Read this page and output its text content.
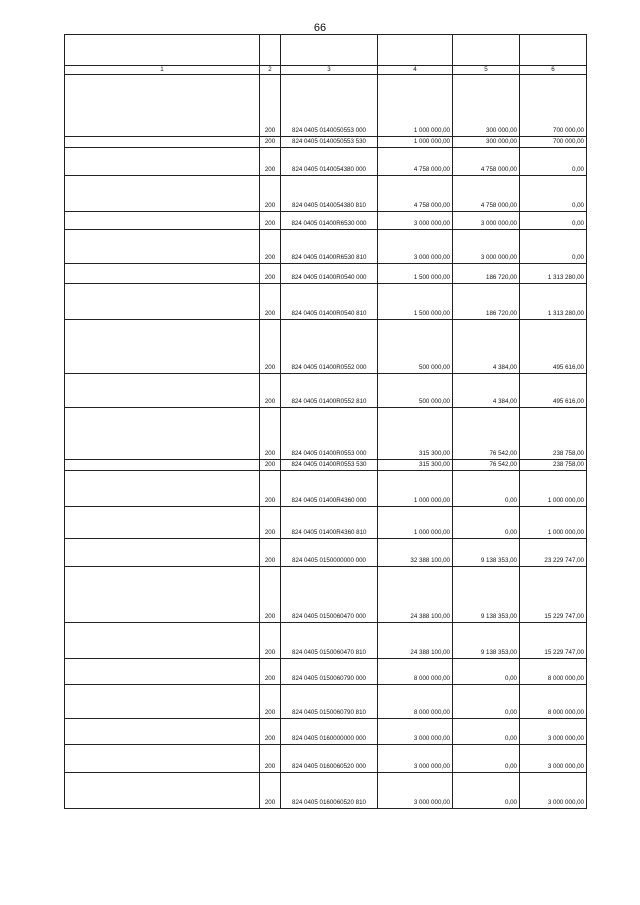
66

1	2	3	4	5	6
	200	824 0405 0140050553 000	1 000 000,00	300 000,00	700 000,00
	200	824 0405 0140050553 530	1 000 000,00	300 000,00	700 000,00
	200	824 0405 0140054380 000	4 758 000,00	4 758 000,00	0,00
	200	824 0405 0140054380 810	4 758 000,00	4 758 000,00	0,00
	200	824 0405 01400R6530 000	3 000 000,00	3 000 000,00	0,00
	200	824 0405 01400R6530 810	3 000 000,00	3 000 000,00	0,00
	200	824 0405 01400R0540 000	1 500 000,00	186 720,00	1 313 280,00
	200	824 0405 01400R0540 810	1 500 000,00	186 720,00	1 313 280,00
	200	824 0405 01400R0552 000	500 000,00	4 384,00	495 616,00
	200	824 0405 01400R0552 810	500 000,00	4 384,00	495 616,00
	200	824 0405 01400R0553 000	315 300,00	76 542,00	238 758,00
	200	824 0405 01400R0553 530	315 300,00	76 542,00	238 758,00
	200	824 0405 01400R4360 000	1 000 000,00	0,00	1 000 000,00
	200	824 0405 01400R4360 810	1 000 000,00	0,00	1 000 000,00
	200	824 0405 0150000000 000	32 388 100,00	9 138 353,00	23 229 747,00
	200	824 0405 0150060470 000	24 388 100,00	9 138 353,00	15 229 747,00
	200	824 0405 0150060470 810	24 388 100,00	9 138 353,00	15 229 747,00
	200	824 0405 0150060790 000	8 000 000,00	0,00	8 000 000,00
	200	824 0405 0150060790 810	8 000 000,00	0,00	8 000 000,00
	200	824 0405 0160000000 000	3 000 000,00	0,00	3 000 000,00
	200	824 0405 0160060520 000	3 000 000,00	0,00	3 000 000,00
	200	824 0405 0160060520 810	3 000 000,00	0,00	3 000 000,00
